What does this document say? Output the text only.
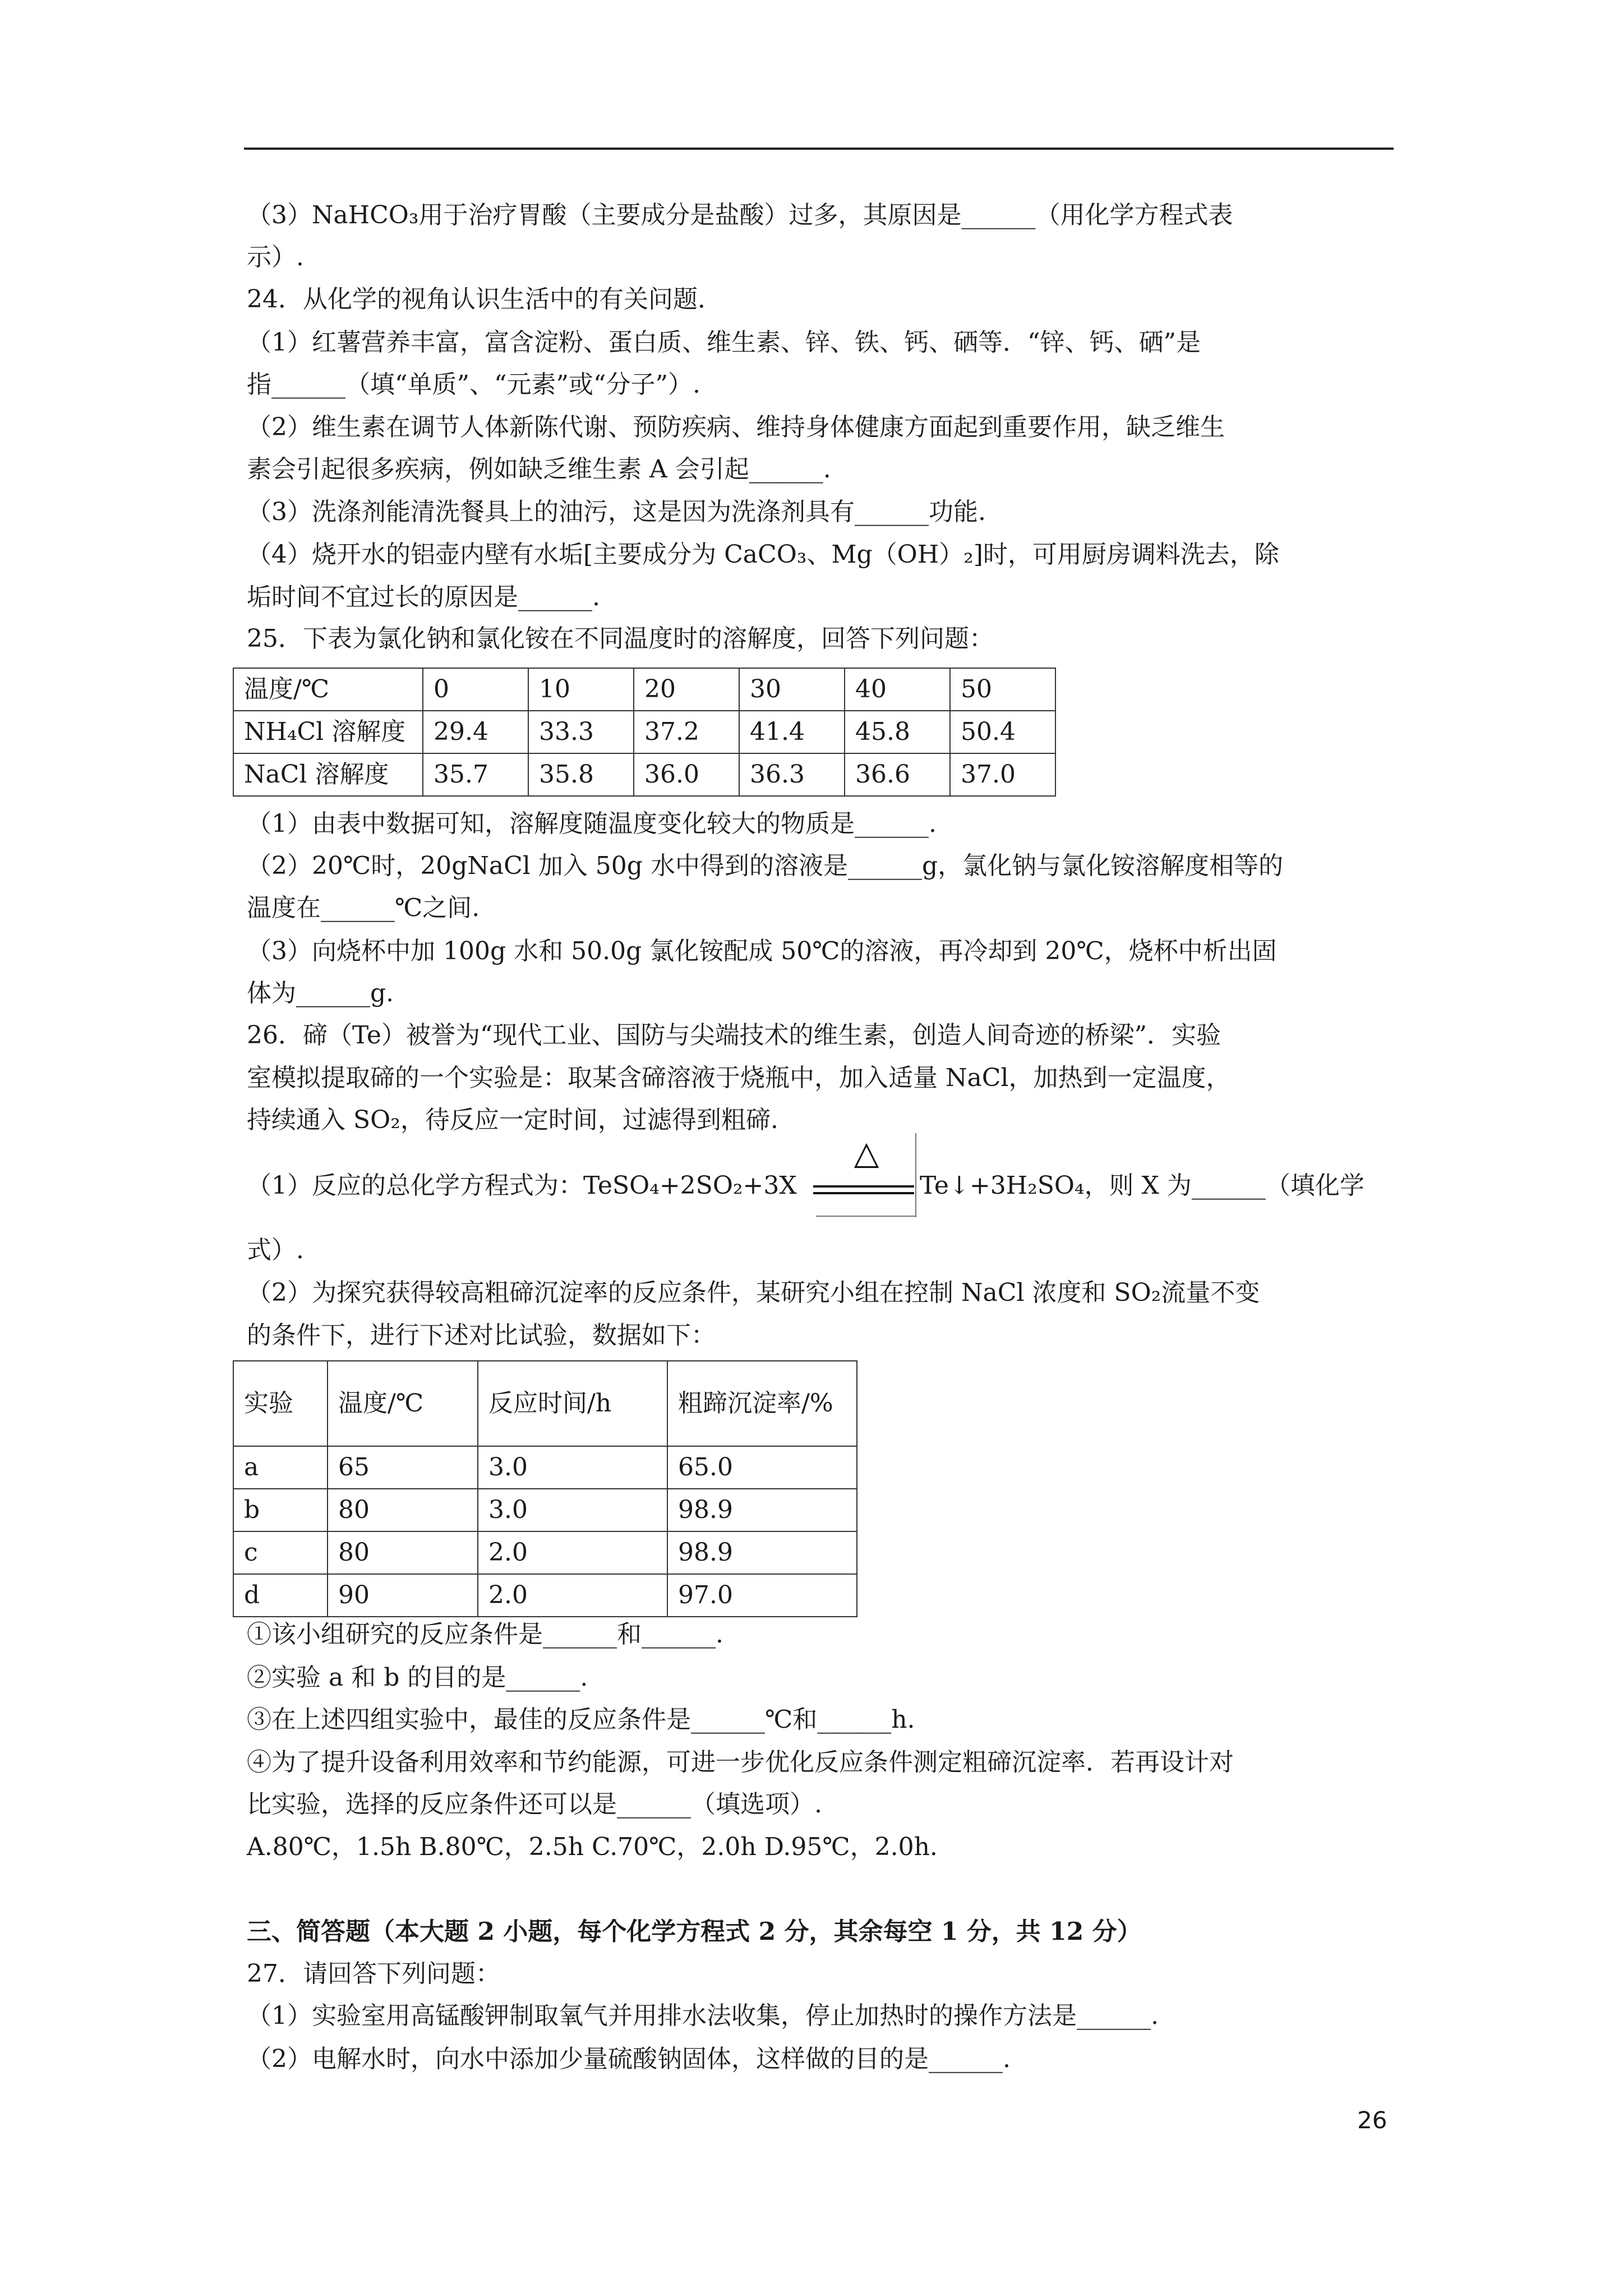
（3）NaHCO₃用于治疗胃酸（主要成分是盐酸）过多，其原因是______（用化学方程式表
示）.
24．从化学的视角认识生活中的有关问题．
（1）红薯营养丰富，富含淀粉、蛋白质、维生素、锌、铁、钙、硒等．“锌、钙、硒”是
指______（填“单质”、“元素”或“分子”）.
（2）维生素在调节人体新陈代谢、预防疾病、维持身体健康方面起到重要作用，缺乏维生
素会引起很多疾病，例如缺乏维生素 A 会引起______.
（3）洗涤剂能清洗餐具上的油污，这是因为洗涤剂具有______功能.
（4）烧开水的铝壶内壁有水垢[主要成分为 CaCO₃、Mg（OH）₂]时，可用厨房调料洗去，除
垢时间不宜过长的原因是______.
25．下表为氯化钠和氯化铵在不同温度时的溶解度，回答下列问题：
温度/℃	0	10	20	30	40	50
NH₄Cl 溶解度	29.4	33.3	37.2	41.4	45.8	50.4
NaCl 溶解度	35.7	35.8	36.0	36.3	36.6	37.0
（1）由表中数据可知，溶解度随温度变化较大的物质是______.
（2）20℃时，20gNaCl 加入 50g 水中得到的溶液是______g，氯化钠与氯化铵溶解度相等的
温度在______℃之间.
（3）向烧杯中加 100g 水和 50.0g 氯化铵配成 50℃的溶液，再冷却到 20℃，烧杯中析出固
体为______g.
26．碲（Te）被誉为“现代工业、国防与尖端技术的维生素，创造人间奇迹的桥梁”．实验
室模拟提取碲的一个实验是：取某含碲溶液于烧瓶中，加入适量 NaCl，加热到一定温度，
持续通入 SO₂，待反应一定时间，过滤得到粗碲.
（1）反应的总化学方程式为：TeSO₄+2SO₂+3X
△
Te↓+3H₂SO₄，则 X 为______（填化学
式）.
（2）为探究获得较高粗碲沉淀率的反应条件，某研究小组在控制 NaCl 浓度和 SO₂流量不变
的条件下，进行下述对比试验，数据如下：
实验	温度/℃	反应时间/h	粗蹄沉淀率/%
a	65	3.0	65.0
b	80	3.0	98.9
c	80	2.0	98.9
d	90	2.0	97.0
①该小组研究的反应条件是______和______.
②实验 a 和 b 的目的是______.
③在上述四组实验中，最佳的反应条件是______℃和______h.
④为了提升设备利用效率和节约能源，可进一步优化反应条件测定粗碲沉淀率．若再设计对
比实验，选择的反应条件还可以是______（填选项）.
A.80℃，1.5h B.80℃，2.5h C.70℃，2.0h D.95℃，2.0h.
三、简答题（本大题 2 小题，每个化学方程式 2 分，其余每空 1 分，共 12 分）
27．请回答下列问题：
（1）实验室用高锰酸钾制取氧气并用排水法收集，停止加热时的操作方法是______.
（2）电解水时，向水中添加少量硫酸钠固体，这样做的目的是______.
26
